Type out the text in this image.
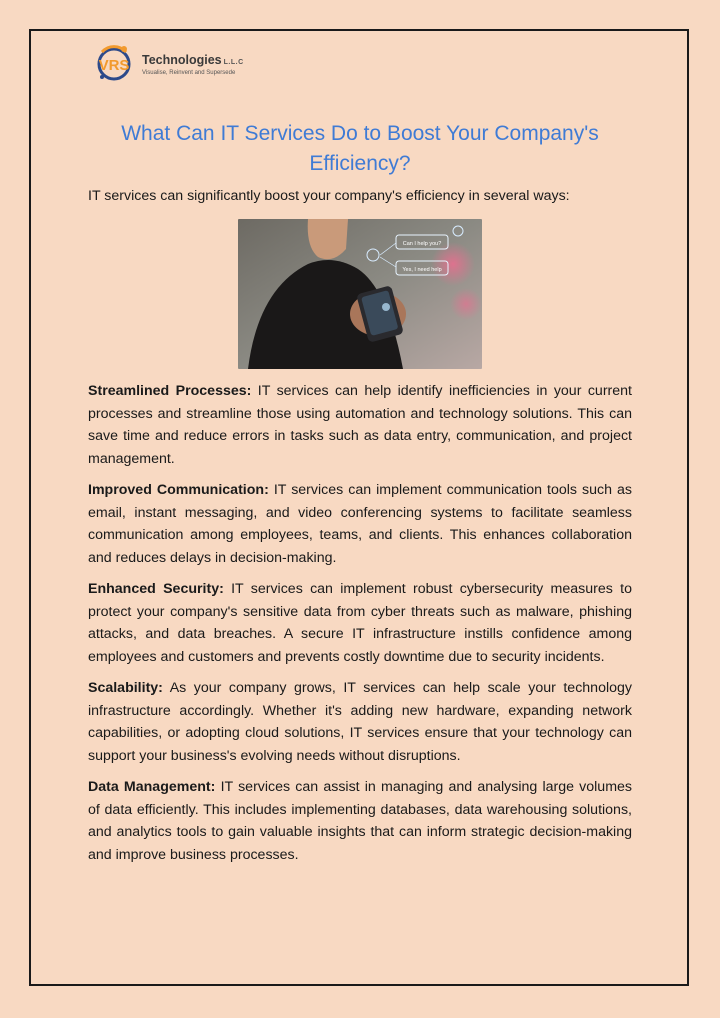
VRS Technologies L.L.C
Visualise, Reinvent and Supersede
What Can IT Services Do to Boost Your Company's Efficiency?

IT services can significantly boost your company's efficiency in several ways:

Can I help you?
Yes, I need help

Streamlined Processes: IT services can help identify inefficiencies in your current processes and streamline those using automation and technology solutions. This can save time and reduce errors in tasks such as data entry, communication, and project management.

Improved Communication: IT services can implement communication tools such as email, instant messaging, and video conferencing systems to facilitate seamless communication among employees, teams, and clients. This enhances collaboration and reduces delays in decision-making.

Enhanced Security: IT services can implement robust cybersecurity measures to protect your company's sensitive data from cyber threats such as malware, phishing attacks, and data breaches. A secure IT infrastructure instills confidence among employees and customers and prevents costly downtime due to security incidents.

Scalability: As your company grows, IT services can help scale your technology infrastructure accordingly. Whether it's adding new hardware, expanding network capabilities, or adopting cloud solutions, IT services ensure that your technology can support your business's evolving needs without disruptions.

Data Management: IT services can assist in managing and analysing large volumes of data efficiently. This includes implementing databases, data warehousing solutions, and analytics tools to gain valuable insights that can inform strategic decision-making and improve business processes.
